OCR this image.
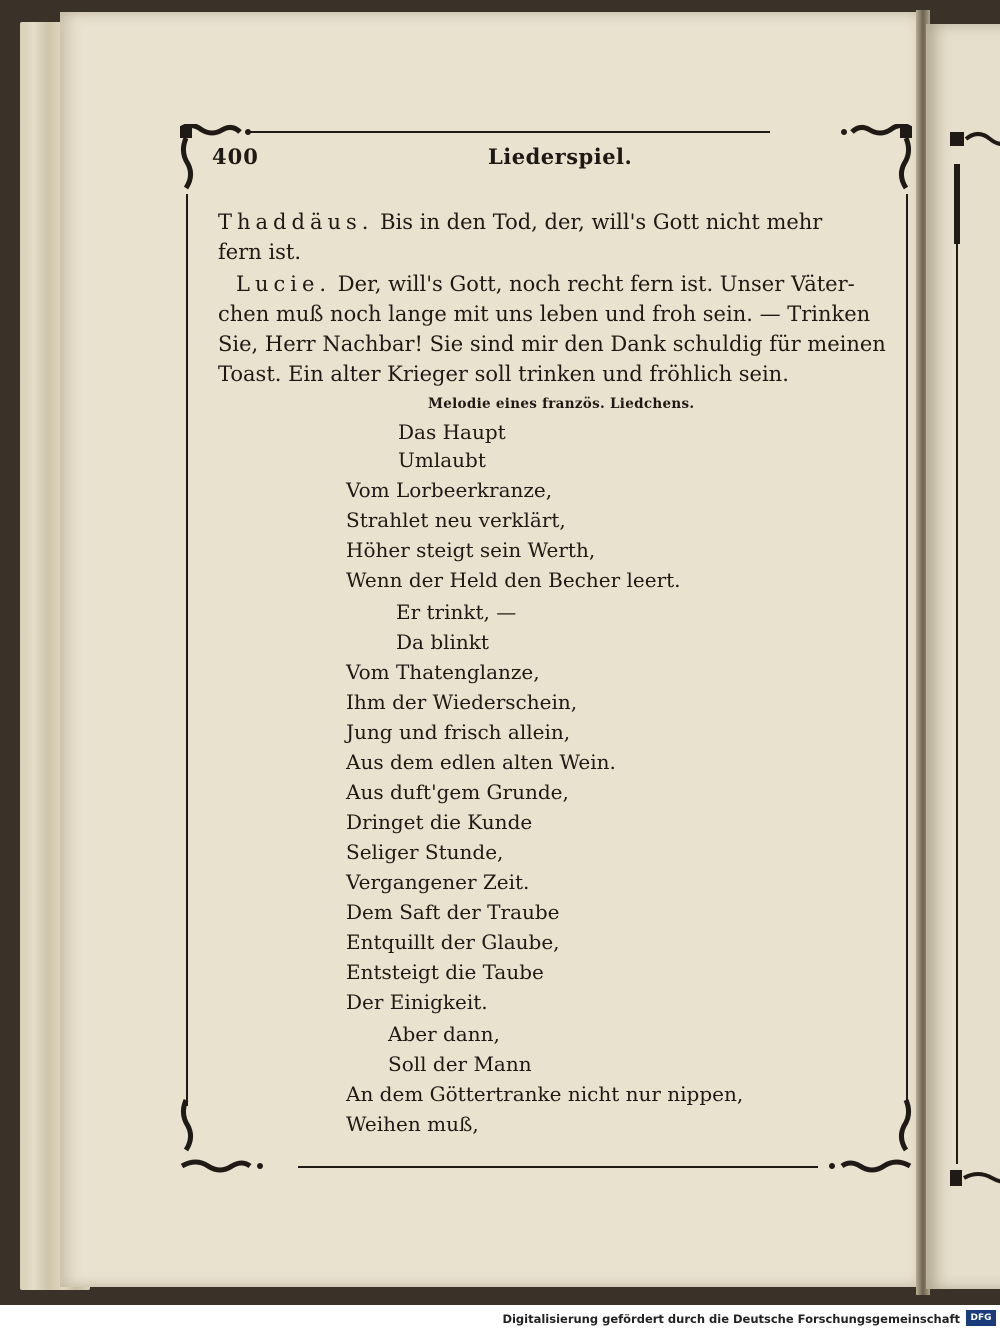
400	Liederspiel.
Thaddäus. Bis in den Tod, der, will's Gott nicht mehr
fern ist.
Lucie. Der, will's Gott, noch recht fern ist. Unser Väter-
chen muß noch lange mit uns leben und froh sein. — Trinken
Sie, Herr Nachbar! Sie sind mir den Dank schuldig für meinen
Toast. Ein alter Krieger soll trinken und fröhlich sein.
Melodie eines französ. Liedchens.
Das Haupt
Umlaubt
Vom Lorbeerkranze,
Strahlet neu verklärt,
Höher steigt sein Werth,
Wenn der Held den Becher leert.
Er trinkt, —
Da blinkt
Vom Thatenglanze,
Ihm der Wiederschein,
Jung und frisch allein,
Aus dem edlen alten Wein.
Aus duft'gem Grunde,
Dringet die Kunde
Seliger Stunde,
Vergangener Zeit.
Dem Saft der Traube
Entquillt der Glaube,
Entsteigt die Taube
Der Einigkeit.
Aber dann,
Soll der Mann
An dem Göttertranke nicht nur nippen,
Weihen muß,
Digitalisierung gefördert durch die Deutsche Forschungsgemeinschaft	DFG
